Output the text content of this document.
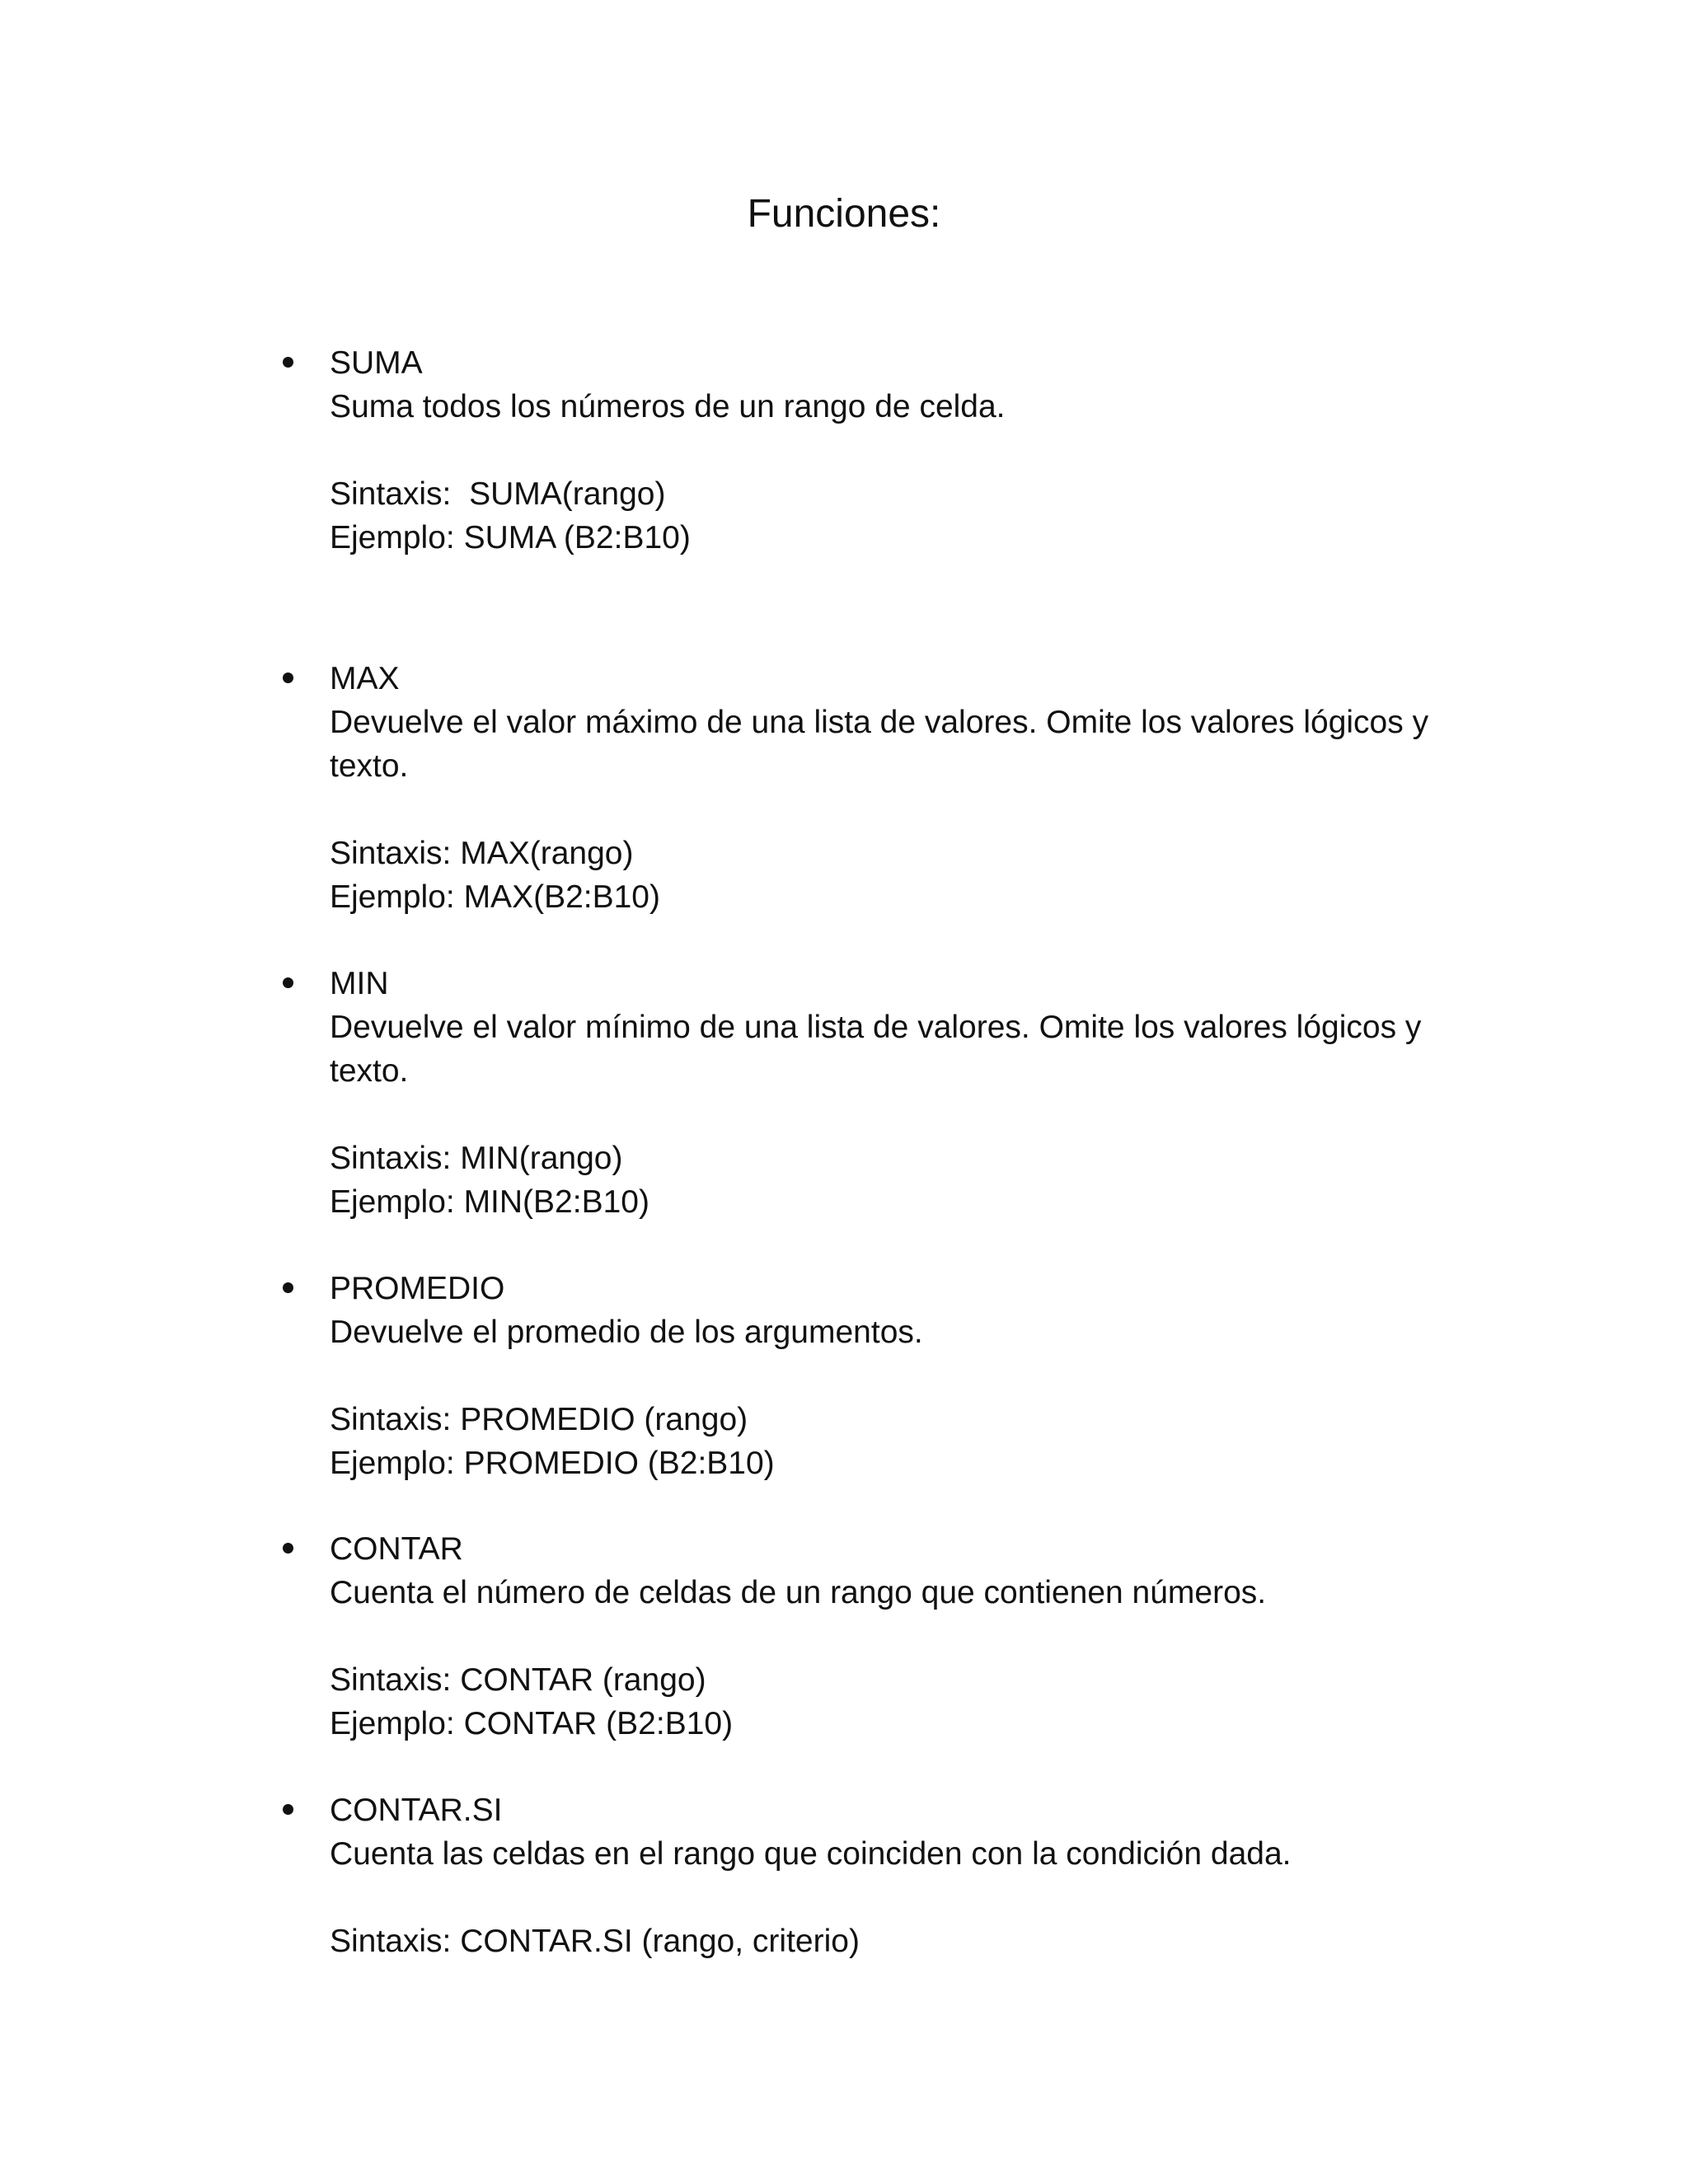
Funciones:
SUMA
Suma todos los números de un rango de celda.
Sintaxis:  SUMA(rango)
Ejemplo: SUMA (B2:B10)
MAX
Devuelve el valor máximo de una lista de valores. Omite los valores lógicos y texto.
Sintaxis: MAX(rango)
Ejemplo: MAX(B2:B10)
MIN
Devuelve el valor mínimo de una lista de valores. Omite los valores lógicos y texto.
Sintaxis: MIN(rango)
Ejemplo: MIN(B2:B10)
PROMEDIO
Devuelve el promedio de los argumentos.
Sintaxis: PROMEDIO (rango)
Ejemplo: PROMEDIO (B2:B10)
CONTAR
Cuenta el número de celdas de un rango que contienen números.
Sintaxis: CONTAR (rango)
Ejemplo: CONTAR (B2:B10)
CONTAR.SI
Cuenta las celdas en el rango que coinciden con la condición dada.
Sintaxis: CONTAR.SI (rango, criterio)
